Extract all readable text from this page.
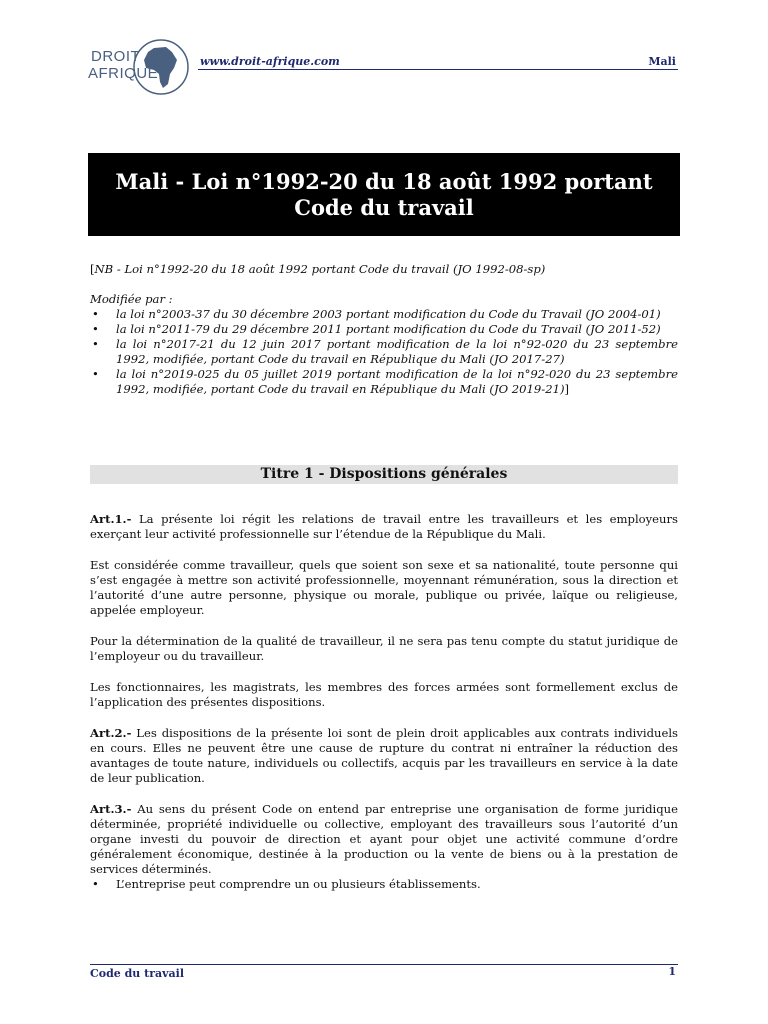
DROIT
AFRIQUE
www.droit-afrique.com	Mali
Mali - Loi n°1992-20 du 18 août 1992 portant Code du travail

[NB - Loi n°1992-20 du 18 août 1992 portant Code du travail (JO 1992-08-sp)

Modifiée par :

• la loi n°2003-37 du 30 décembre 2003 portant modification du Code du Travail (JO 2004-01)
• la loi n°2011-79 du 29 décembre 2011 portant modification du Code du Travail (JO 2011-52)
• la loi n°2017-21 du 12 juin 2017 portant modification de la loi n°92-020 du 23 septembre 1992, modifiée, portant Code du travail en République du Mali (JO 2017-27)
• la loi n°2019-025 du 05 juillet 2019 portant modification de la loi n°92-020 du 23 septembre 1992, modifiée, portant Code du travail en République du Mali (JO 2019-21)]
Titre 1 - Dispositions générales

Art.1.- La présente loi régit les relations de travail entre les travailleurs et les employeurs exerçant leur activité professionnelle sur l’étendue de la République du Mali.

Est considérée comme travailleur, quels que soient son sexe et sa nationalité, toute personne qui s’est engagée à mettre son activité professionnelle, moyennant rémunération, sous la direction et l’autorité d’une autre personne, physique ou morale, publique ou privée, laïque ou religieuse, appelée employeur.

Pour la détermination de la qualité de travailleur, il ne sera pas tenu compte du statut juridique de l’employeur ou du travailleur.

Les fonctionnaires, les magistrats, les membres des forces armées sont formellement exclus de l’application des présentes dispositions.

Art.2.- Les dispositions de la présente loi sont de plein droit applicables aux contrats individuels en cours. Elles ne peuvent être une cause de rupture du contrat ni entraîner la réduction des avantages de toute nature, individuels ou collectifs, acquis par les travailleurs en service à la date de leur publication.

Art.3.- Au sens du présent Code on entend par entreprise une organisation de forme juridique déterminée, propriété individuelle ou collective, employant des travailleurs sous l’autorité d’un organe investi du pouvoir de direction et ayant pour objet une activité commune d’ordre généralement économique, destinée à la production ou la vente de biens ou à la prestation de services déterminés.

• L’entreprise peut comprendre un ou plusieurs établissements.
Code du travail	1
